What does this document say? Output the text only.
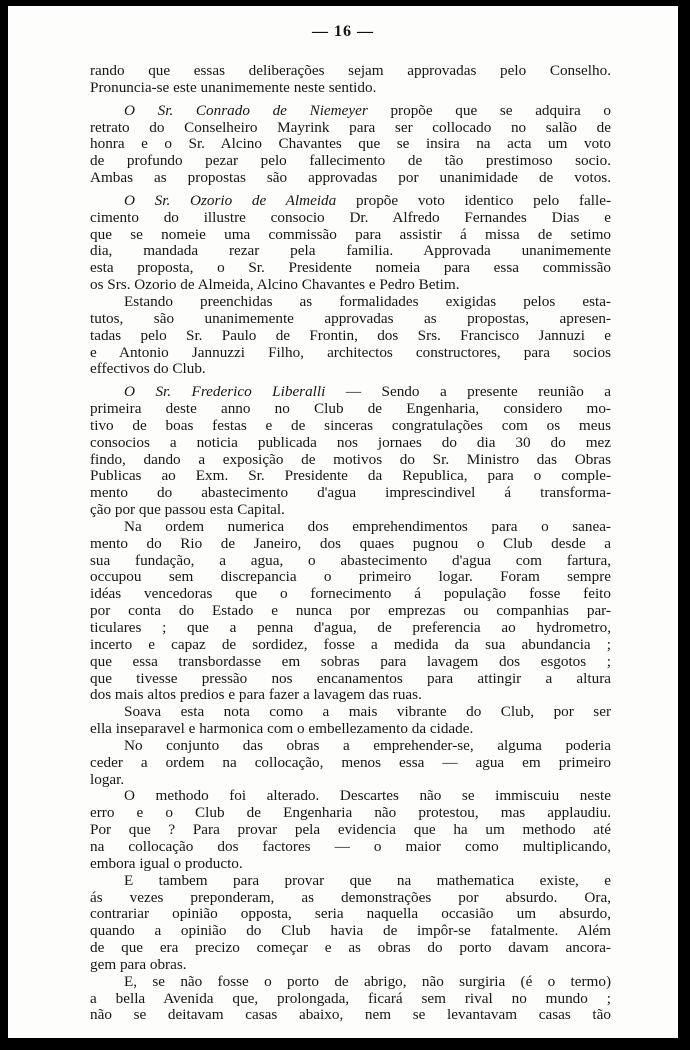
— 16 —
rando que essas deliberações sejam approvadas pelo Conselho.
Pronuncia-se este unanimemente neste sentido.
O Sr. Conrado de Niemeyer propõe que se adquira o
retrato do Conselheiro Mayrink para ser collocado no salão de
honra e o Sr. Alcino Chavantes que se insira na acta um voto
de profundo pezar pelo fallecimento de tão prestimoso socio.
Ambas as propostas são approvadas por unanimidade de votos.
O Sr. Ozorio de Almeida propõe voto identico pelo falle-
cimento do illustre consocio Dr. Alfredo Fernandes Dias e
que se nomeie uma commissão para assistir á missa de setimo
dia, mandada rezar pela familia. Approvada unanimemente
esta proposta, o Sr. Presidente nomeia para essa commissão
os Srs. Ozorio de Almeida, Alcino Chavantes e Pedro Betim.
Estando preenchidas as formalidades exigidas pelos esta-
tutos, são unanimemente approvadas as propostas, apresen-
tadas pelo Sr. Paulo de Frontin, dos Srs. Francisco Jannuzi e
e Antonio Jannuzzi Filho, architectos constructores, para socios
effectivos do Club.
O Sr. Frederico Liberalli — Sendo a presente reunião a
primeira deste anno no Club de Engenharia, considero mo-
tivo de boas festas e de sinceras congratulações com os meus
consocios a noticia publicada nos jornaes do dia 30 do mez
findo, dando a exposição de motivos do Sr. Ministro das Obras
Publicas ao Exm. Sr. Presidente da Republica, para o comple-
mento do abastecimento d'agua imprescindivel á transforma-
ção por que passou esta Capital.
Na ordem numerica dos emprehendimentos para o sanea-
mento do Rio de Janeiro, dos quaes pugnou o Club desde a
sua fundação, a agua, o abastecimento d'agua com fartura,
occupou sem discrepancia o primeiro logar. Foram sempre
idéas vencedoras que o fornecimento á população fosse feito
por conta do Estado e nunca por emprezas ou companhias par-
ticulares ; que a penna d'agua, de preferencia ao hydrometro,
incerto e capaz de sordidez, fosse a medida da sua abundancia ;
que essa transbordasse em sobras para lavagem dos esgotos ;
que tivesse pressão nos encanamentos para attingir a altura
dos mais altos predios e para fazer a lavagem das ruas.
Soava esta nota como a mais vibrante do Club, por ser
ella inseparavel e harmonica com o embellezamento da cidade.
No conjunto das obras a emprehender-se, alguma poderia
ceder a ordem na collocação, menos essa — agua em primeiro
logar.
O methodo foi alterado. Descartes não se immiscuiu neste
erro e o Club de Engenharia não protestou, mas applaudiu.
Por que ? Para provar pela evidencia que ha um methodo até
na collocação dos factores — o maior como multiplicando,
embora igual o producto.
E tambem para provar que na mathematica existe, e
ás vezes preponderam, as demonstrações por absurdo. Ora,
contrariar opinião opposta, seria naquella occasião um absurdo,
quando a opinião do Club havia de impôr-se fatalmente. Além
de que era precizo começar e as obras do porto davam ancora-
gem para obras.
E, se não fosse o porto de abrigo, não surgiria (é o termo)
a bella Avenida que, prolongada, ficará sem rival no mundo ;
não se deitavam casas abaixo, nem se levantavam casas tão
